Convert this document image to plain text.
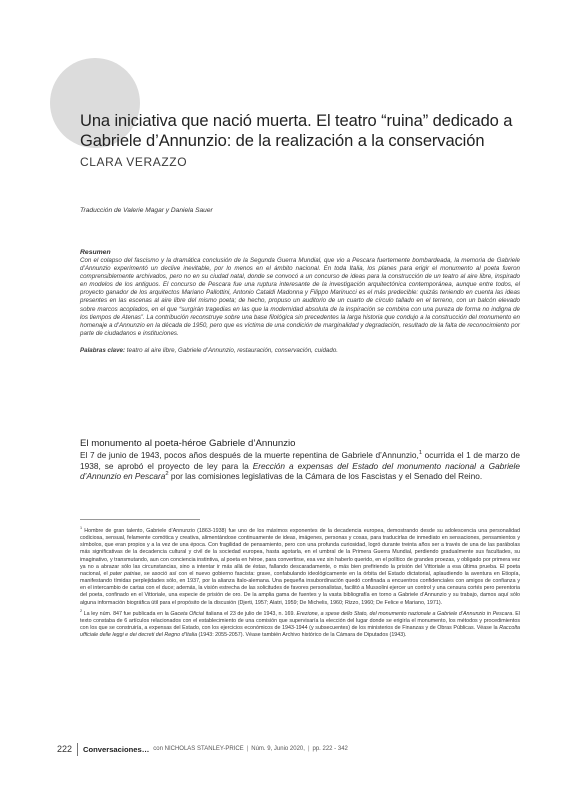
Una iniciativa que nació muerta. El teatro “ruina” dedicado a Gabriele d’Annunzio: de la realización a la conservación
CLARA VERAZZO
Traducción de Valerie Magar y Daniela Sauer
Resumen

Con el colapso del fascismo y la dramática conclusión de la Segunda Guerra Mundial, que vio a Pescara fuertemente bombardeada, la memoria de Gabriele d’Annunzio experimentó un declive inevitable, por lo menos en el ámbito nacional. En toda Italia, los planes para erigir el monumento al poeta fueron comprensiblemente archivados, pero no en su ciudad natal, donde se convocó a un concurso de ideas para la construcción de un teatro al aire libre, inspirado en modelos de los antiguos. El concurso de Pescara fue una ruptura interesante de la investigación arquitectónica contemporánea, aunque entre todos, el proyecto ganador de los arquitectos Mariano Pallottini, Antonio Cataldi Madonna y Filippo Marinucci es el más predecible: quizás teniendo en cuenta las ideas presentes en las escenas al aire libre del mismo poeta; de hecho, propuso un auditorio de un cuarto de círculo tallado en el terreno, con un balcón elevado sobre marcos acoplados, en el que “surgirán tragedias en las que la modernidad absoluta de la inspiración se combina con una pureza de forma no indigna de los tiempos de Atenas”. La contribución reconstruye sobre una base filológica sin precedentes la larga historia que condujo a la construcción del monumento en homenaje a d’Annunzio en la década de 1950, pero que es víctima de una condición de marginalidad y degradación, resultado de la falta de reconocimiento por parte de ciudadanos e instituciones.

Palabras clave: teatro al aire libre, Gabriele d’Annunzio, restauración, conservación, cuidado.
El monumento al poeta-héroe Gabriele d’Annunzio

El 7 de junio de 1943, pocos años después de la muerte repentina de Gabriele d’Annunzio,$^1$ ocurrida el 1 de marzo de 1938, se aprobó el proyecto de ley para la Erección a expensas del Estado del monumento nacional a Gabriele d’Annunzio en Pescara$^2$ por las comisiones legislativas de la Cámara de los Fascistas y el Senado del Reino.

$^1$ Hombre de gran talento, Gabriele d’Annunzio (1863-1938) fue uno de los máximos exponentes de la decadencia europea, demostrando desde su adolescencia una personalidad codiciosa, sensual, felamente comótica y creativa, alimentándose continuamente de ideas, imágenes, personas y cosas, para traducirlas de inmediato en sensaciones, pensamientos y símbolos, que eran propios y a la vez de una época. Con fragilidad de pensamiento, pero con una profunda curiosidad, logró durante treinta años ser a través de una de las parábolas más significativas de la decadencia cultural y civil de la sociedad europea, hasta agotarla, en el umbral de la Primera Guerra Mundial, perdiendo gradualmente sus facultades, su imaginativo, y transmutando, aun con conciencia instintiva, al poeta en héroe, para convertirse, esa vez sin haberlo querido, en el político de grandes proezas, y obligado por primera vez ya no a abrazar sólo las circunstancias, sino a intentar ir más allá de éstas, fallando descaradamente, o más bien prefiriendo la prisión del Vittoriale a esa última prueba. El poeta nacional, el pater patriae, se asoció así con el nuevo gobierno fascista: grave, confabulando ideológicamente en la órbita del Estado dictatorial, aplaudiendo la aventura en Etiopía, manifestando tímidas perplejidades sólo, en 1937, por la alianza ítalo-alemana. Una pequeña insubordinación quedó confinada a encuentros confidenciales con amigos de confianza y en el intercambio de cartas con el duce; además, la visión estrecha de las solicitudes de favores personalistas, facilitó a Mussolini ejercer un control y una censura cortés pero perentoria del poeta, confinado en el Vittoriale, una especie de prisión de oro. De la amplia gama de fuentes y la vasta bibliografía en torno a Gabriele d’Annunzio y su trabajo, damos aquí sólo alguna información biográfica útil para el propósito de la discusión (Djerti, 1957; Alatri, 1959; De Michelis, 1960; Rizzo, 1960; De Felice e Mariano, 1971).

$^2$ La ley núm. 847 fue publicada en la Gaceta Oficial italiana el 23 de julio de 1943, n. 169. Erezione, a spese dello Stato, del monumento nazionale a Gabriele d’Annunzio in Pescara. El texto constaba de 6 artículos relacionados con el establecimiento de una comisión que supervisaría la elección del lugar donde se erigiría el monumento, los métodos y procedimientos con los que se construiría, a expensas del Estado, con los ejercicios económicos de 1943-1944 (y subsecuentes) de los ministerios de Finanzas y de Obras Públicas. Véase la Raccolta ufficiale delle leggi e dei decreti del Regno d’Italia (1943: 2055-2057). Véase también Archivo histórico de la Cámara de Diputados (1943).

222 Conversaciones… con NICHOLAS STANLEY-PRICE | Núm. 9, Junio 2020, | pp. 222 - 342
